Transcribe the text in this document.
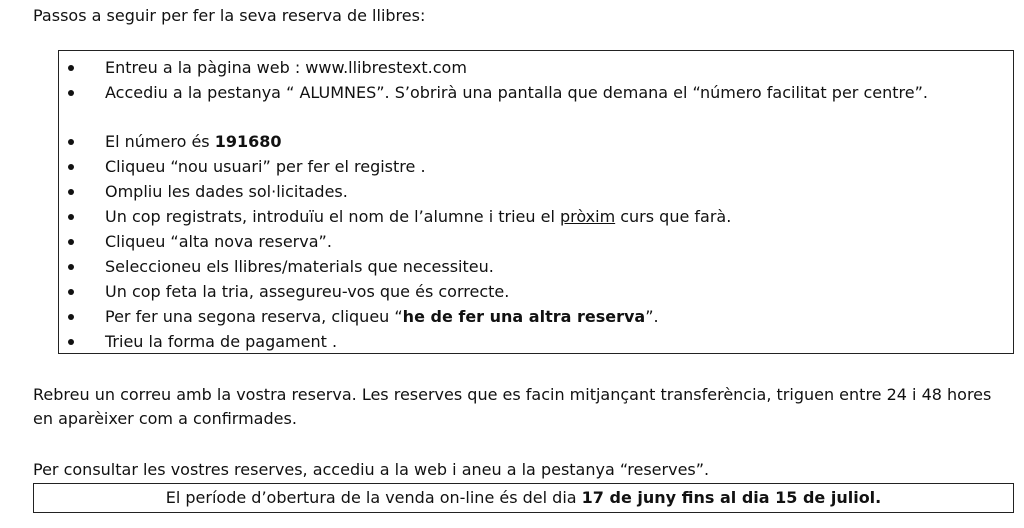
Passos a seguir per fer la seva reserva de llibres:
Entreu a la pàgina web : www.llibrestext.com
Accediu a la pestanya “ ALUMNES”. S’obrirà una pantalla que demana el “número facilitat per centre”.
El número és 191680
Cliqueu “nou usuari” per fer el registre .
Ompliu les dades sol·licitades.
Un cop registrats, introduïu el nom de l’alumne i trieu el pròxim curs que farà.
Cliqueu “alta nova reserva”.
Seleccioneu els llibres/materials que necessiteu.
Un cop feta la tria, assegureu-vos que és correcte.
Per fer una segona reserva, cliqueu “he de fer una altra reserva”.
Trieu la forma de pagament .
Rebreu un correu amb la vostra reserva. Les reserves que es facin mitjançant transferència, triguen entre 24 i 48 hores en aparèixer com a confirmades.
Per consultar les vostres reserves, accediu a la web i aneu a la pestanya “reserves”.
El període d’obertura de la venda on-line és del dia 17 de juny fins al dia 15 de juliol.
